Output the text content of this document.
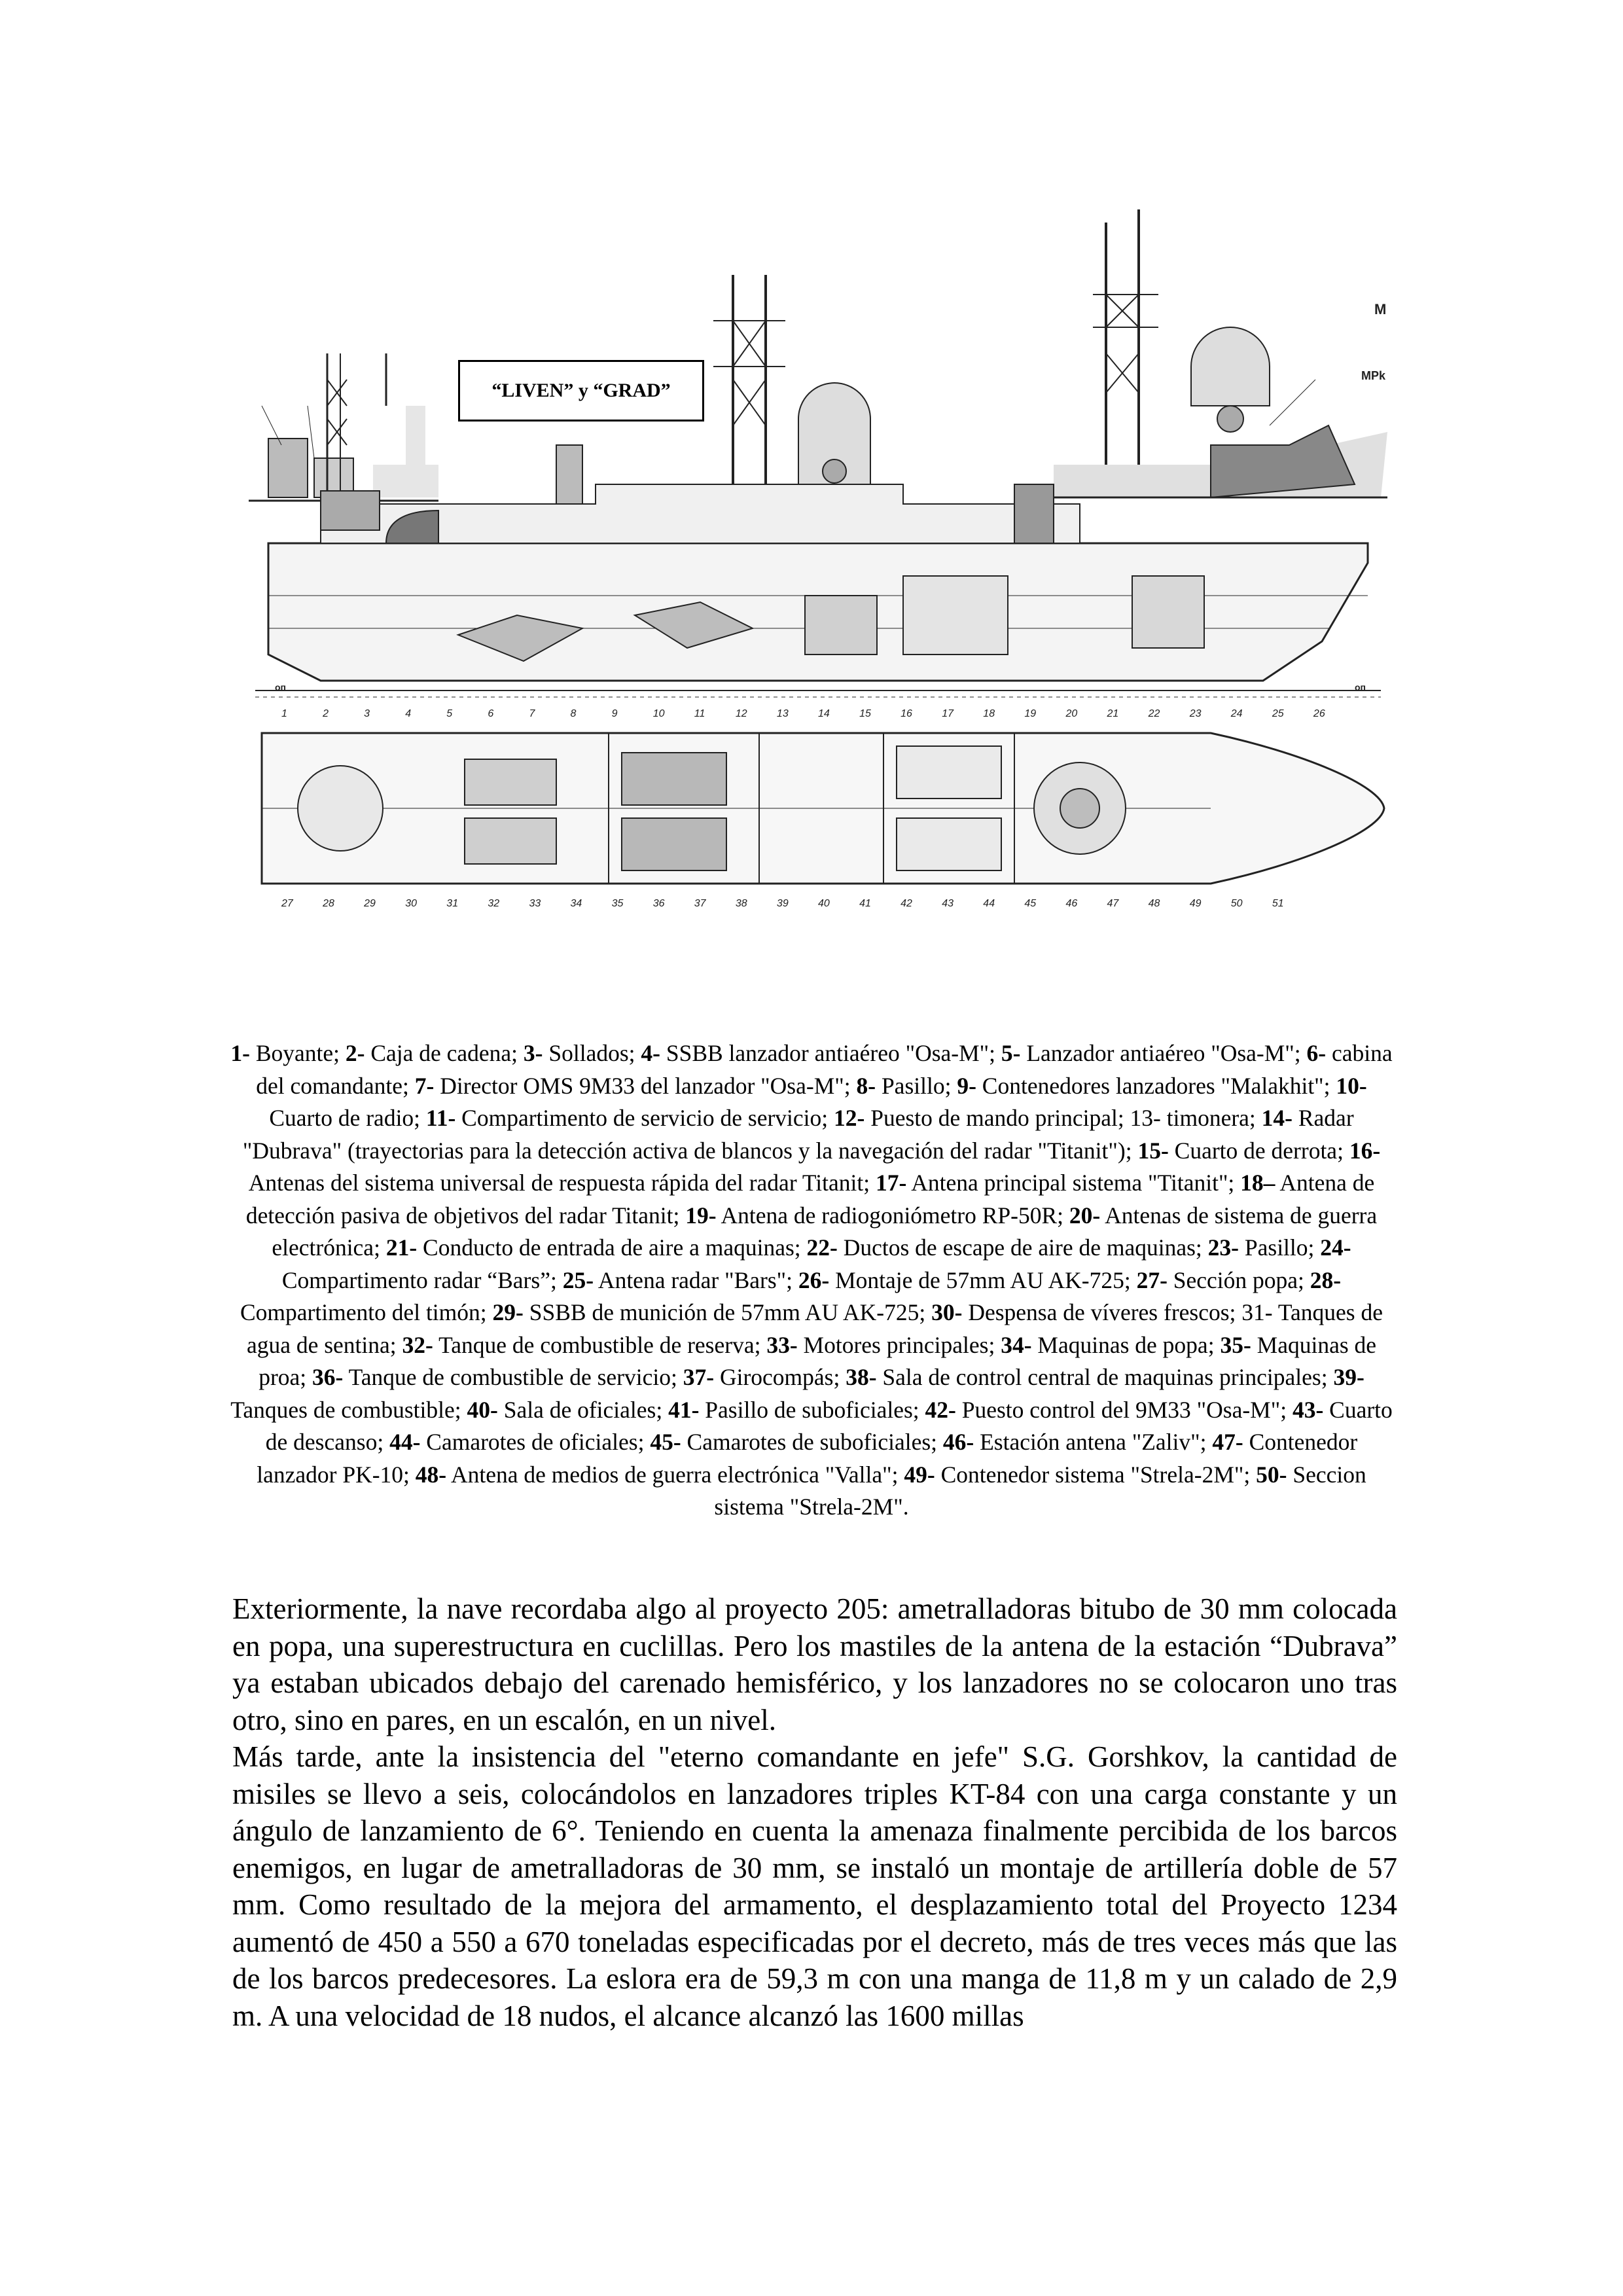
1	2	3	4	5	6	7	8	9	10	11	12	13	14	15	16	17	18	19	20	21	22	23	24	25	26
27	28	29	30	31	32	33	34	35	36	37	38	39	40	41	42	43	44	45	46	47	48	49	50	51
M
MPk
оп	оп
“LIVEN” y “GRAD”
1- Boyante; 2- Caja de cadena; 3- Sollados; 4- SSBB lanzador antiaéreo "Osa-M"; 5- Lanzador antiaéreo "Osa-M"; 6- cabina del comandante; 7- Director OMS 9M33 del lanzador "Osa-M"; 8- Pasillo; 9- Contenedores lanzadores "Malakhit"; 10- Cuarto de radio; 11- Compartimento de servicio de servicio; 12- Puesto de mando principal; 13- timonera; 14- Radar "Dubrava" (trayectorias para la detección activa de blancos y la navegación del radar "Titanit"); 15- Cuarto de derrota; 16- Antenas del sistema universal de respuesta rápida del radar Titanit; 17- Antena principal sistema "Titanit"; 18– Antena de detección pasiva de objetivos del radar Titanit; 19- Antena de radiogoniómetro RP-50R; 20- Antenas de sistema de guerra electrónica; 21- Conducto de entrada de aire a maquinas; 22- Ductos de escape de aire de maquinas; 23- Pasillo; 24- Compartimento radar “Bars”; 25- Antena radar "Bars"; 26- Montaje de 57mm AU AK-725; 27- Sección popa; 28- Compartimento del timón; 29- SSBB de munición de 57mm AU AK-725; 30- Despensa de víveres frescos; 31- Tanques de agua de sentina; 32- Tanque de combustible de reserva; 33- Motores principales; 34- Maquinas de popa; 35- Maquinas de proa; 36- Tanque de combustible de servicio; 37- Girocompás; 38- Sala de control central de maquinas principales; 39- Tanques de combustible; 40- Sala de oficiales; 41- Pasillo de suboficiales; 42- Puesto control del 9M33 "Osa-M"; 43- Cuarto de descanso; 44- Camarotes de oficiales; 45- Camarotes de suboficiales; 46- Estación antena "Zaliv"; 47- Contenedor lanzador PK-10; 48- Antena de medios de guerra electrónica "Valla"; 49- Contenedor sistema "Strela-2M"; 50- Seccion sistema "Strela-2M".

Exteriormente, la nave recordaba algo al proyecto 205: ametralladoras bitubo de 30 mm colocada en popa, una superestructura en cuclillas. Pero los mastiles de la antena de la estación “Dubrava” ya estaban ubicados debajo del carenado hemisférico, y los lanzadores no se colocaron uno tras otro, sino en pares, en un escalón, en un nivel.

Más tarde, ante la insistencia del "eterno comandante en jefe" S.G. Gorshkov, la cantidad de misiles se llevo a seis, colocándolos en lanzadores triples KT-84 con una carga constante y un ángulo de lanzamiento de 6°. Teniendo en cuenta la amenaza finalmente percibida de los barcos enemigos, en lugar de ametralladoras de 30 mm, se instaló un montaje de artillería doble de 57 mm. Como resultado de la mejora del armamento, el desplazamiento total del Proyecto 1234 aumentó de 450 a 550 a 670 toneladas especificadas por el decreto, más de tres veces más que las de los barcos predecesores. La eslora era de 59,3 m con una manga de 11,8 m y un calado de 2,9 m. A una velocidad de 18 nudos, el alcance alcanzó las 1600 millas
